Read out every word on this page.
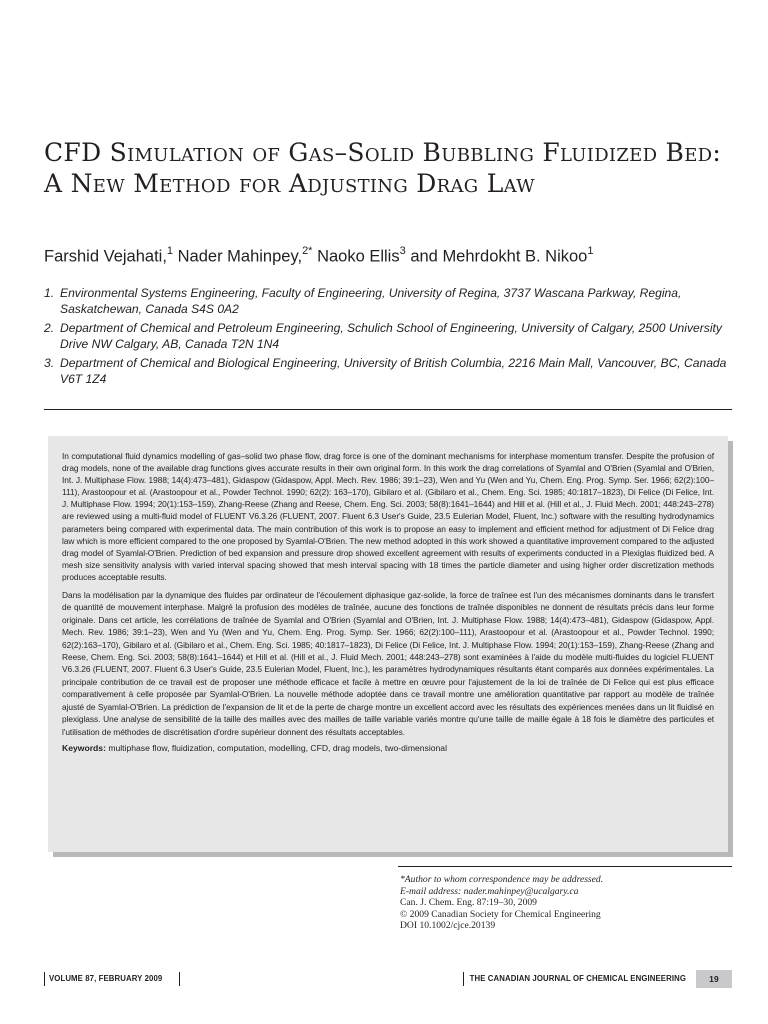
CFD Simulation of Gas–Solid Bubbling Fluidized Bed: A New Method for Adjusting Drag Law
Farshid Vejahati,$^1$ Nader Mahinpey,$^{2*}$ Naoko Ellis$^3$ and Mehrdokht B. Nikoo$^1$
1. Environmental Systems Engineering, Faculty of Engineering, University of Regina, 3737 Wascana Parkway, Regina, Saskatchewan, Canada S4S 0A2
2. Department of Chemical and Petroleum Engineering, Schulich School of Engineering, University of Calgary, 2500 University Drive NW Calgary, AB, Canada T2N 1N4
3. Department of Chemical and Biological Engineering, University of British Columbia, 2216 Main Mall, Vancouver, BC, Canada V6T 1Z4

In computational fluid dynamics modelling of gas–solid two phase flow, drag force is one of the dominant mechanisms for interphase momentum transfer. Despite the profusion of drag models, none of the available drag functions gives accurate results in their own original form. In this work the drag correlations of Syamlal and O'Brien (Syamlal and O'Brien, Int. J. Multiphase Flow. 1988; 14(4):473–481), Gidaspow (Gidaspow, Appl. Mech. Rev. 1986; 39:1–23), Wen and Yu (Wen and Yu, Chem. Eng. Prog. Symp. Ser. 1966; 62(2):100–111), Arastoopour et al. (Arastoopour et al., Powder Technol. 1990; 62(2): 163–170), Gibilaro et al. (Gibilaro et al., Chem. Eng. Sci. 1985; 40:1817–1823), Di Felice (Di Felice, Int. J. Multiphase Flow. 1994; 20(1):153–159), Zhang-Reese (Zhang and Reese, Chem. Eng. Sci. 2003; 58(8):1641–1644) and Hill et al. (Hill et al., J. Fluid Mech. 2001; 448:243–278) are reviewed using a multi-fluid model of FLUENT V6.3.26 (FLUENT, 2007. Fluent 6.3 User's Guide, 23.5 Eulerian Model, Fluent, Inc.) software with the resulting hydrodynamics parameters being compared with experimental data. The main contribution of this work is to propose an easy to implement and efficient method for adjustment of Di Felice drag law which is more efficient compared to the one proposed by Syamlal-O'Brien. The new method adopted in this work showed a quantitative improvement compared to the adjusted drag model of Syamlal-O'Brien. Prediction of bed expansion and pressure drop showed excellent agreement with results of experiments conducted in a Plexiglas fluidized bed. A mesh size sensitivity analysis with varied interval spacing showed that mesh interval spacing with 18 times the particle diameter and using higher order discretization methods produces acceptable results.

Dans la modélisation par la dynamique des fluides par ordinateur de l'écoulement diphasique gaz-solide, la force de traînee est l'un des mécanismes dominants dans le transfert de quantité de mouvement interphase. Malgré la profusion des modèles de traînée, aucune des fonctions de traînée disponibles ne donnent de résultats précis dans leur forme originale. Dans cet article, les corrélations de traînée de Syamlal and O'Brien (Syamlal and O'Brien, Int. J. Multiphase Flow. 1988; 14(4):473–481), Gidaspow (Gidaspow, Appl. Mech. Rev. 1986; 39:1–23), Wen and Yu (Wen and Yu, Chem. Eng. Prog. Symp. Ser. 1966; 62(2):100–111), Arastoopour et al. (Arastoopour et al., Powder Technol. 1990; 62(2):163–170), Gibilaro et al. (Gibilaro et al., Chem. Eng. Sci. 1985; 40:1817–1823), Di Felice (Di Felice, Int. J. Multiphase Flow. 1994; 20(1):153–159), Zhang-Reese (Zhang and Reese, Chem. Eng. Sci. 2003; 58(8):1641–1644) et Hill et al. (Hill et al., J. Fluid Mech. 2001; 448:243–278) sont examinées à l'aide du modèle multi-fluides du logiciel FLUENT V6.3.26 (FLUENT, 2007. Fluent 6.3 User's Guide, 23.5 Eulerian Model, Fluent, Inc.), les paramètres hydrodynamiques résultants étant comparés aux données expérimentales. La principale contribution de ce travail est de proposer une méthode efficace et facile à mettre en œuvre pour l'ajustement de la loi de traînée de Di Felice qui est plus efficace comparativement à celle proposée par Syamlal-O'Brien. La nouvelle méthode adoptée dans ce travail montre une amélioration quantitative par rapport au modèle de traînée ajusté de Syamlal-O'Brien. La prédiction de l'expansion de lit et de la perte de charge montre un excellent accord avec les résultats des expériences menées dans un lit fluidisé en plexiglass. Une analyse de sensibilité de la taille des mailles avec des mailles de taille variable variés montre qu'une taille de maille égale à 18 fois le diamètre des particules et l'utilisation de méthodes de discrétisation d'ordre supérieur donnent des résultats acceptables.

Keywords: multiphase flow, fluidization, computation, modelling, CFD, drag models, two-dimensional

*Author to whom correspondence may be addressed.
E-mail address: nader.mahinpey@ucalgary.ca
Can. J. Chem. Eng. 87:19–30, 2009
© 2009 Canadian Society for Chemical Engineering
DOI 10.1002/cjce.20139
VOLUME 87, FEBRUARY 2009	THE CANADIAN JOURNAL OF CHEMICAL ENGINEERING	19
